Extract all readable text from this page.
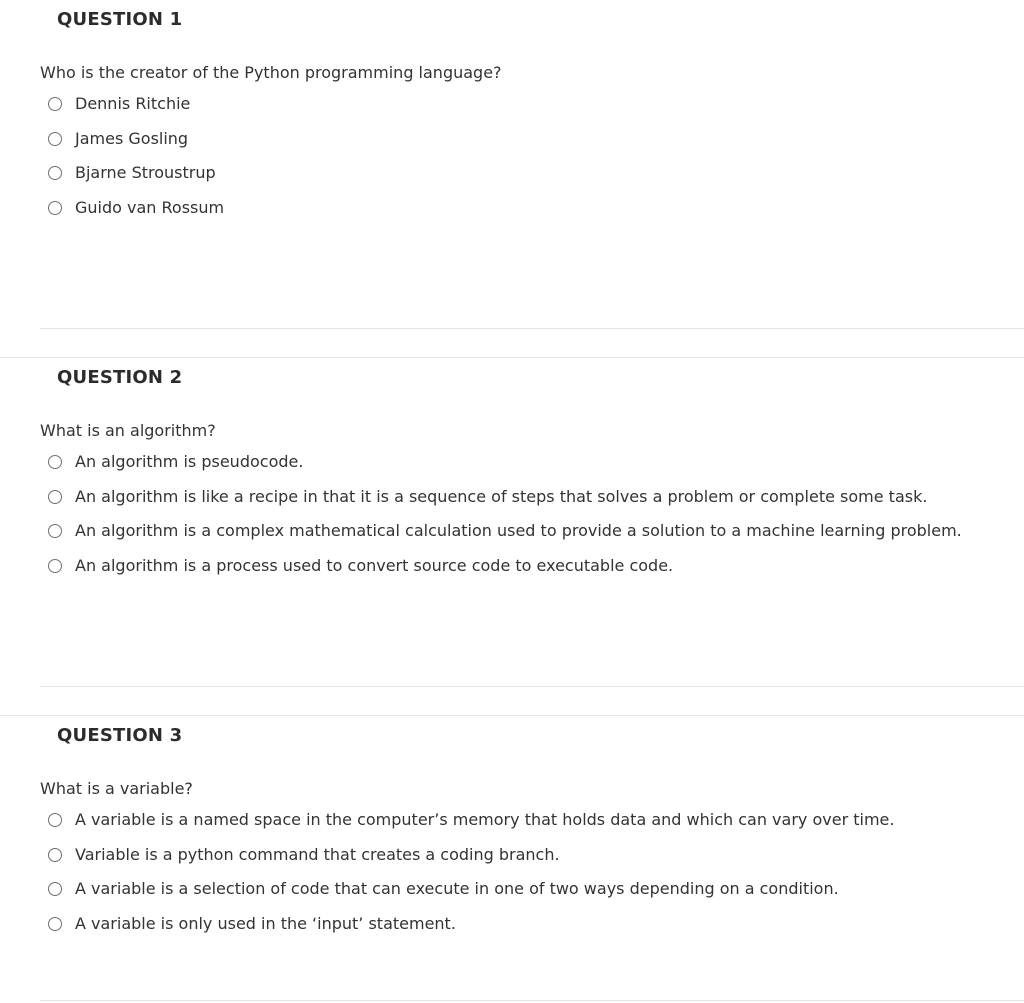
QUESTION 1
Who is the creator of the Python programming language?
Dennis Ritchie
James Gosling
Bjarne Stroustrup
Guido van Rossum
QUESTION 2
What is an algorithm?
An algorithm is pseudocode.
An algorithm is like a recipe in that it is a sequence of steps that solves a problem or complete some task.
An algorithm is a complex mathematical calculation used to provide a solution to a machine learning problem.
An algorithm is a process used to convert source code to executable code.
QUESTION 3
What is a variable?
A variable is a named space in the computer’s memory that holds data and which can vary over time.
Variable is a python command that creates a coding branch.
A variable is a selection of code that can execute in one of two ways depending on a condition.
A variable is only used in the ‘input’ statement.
